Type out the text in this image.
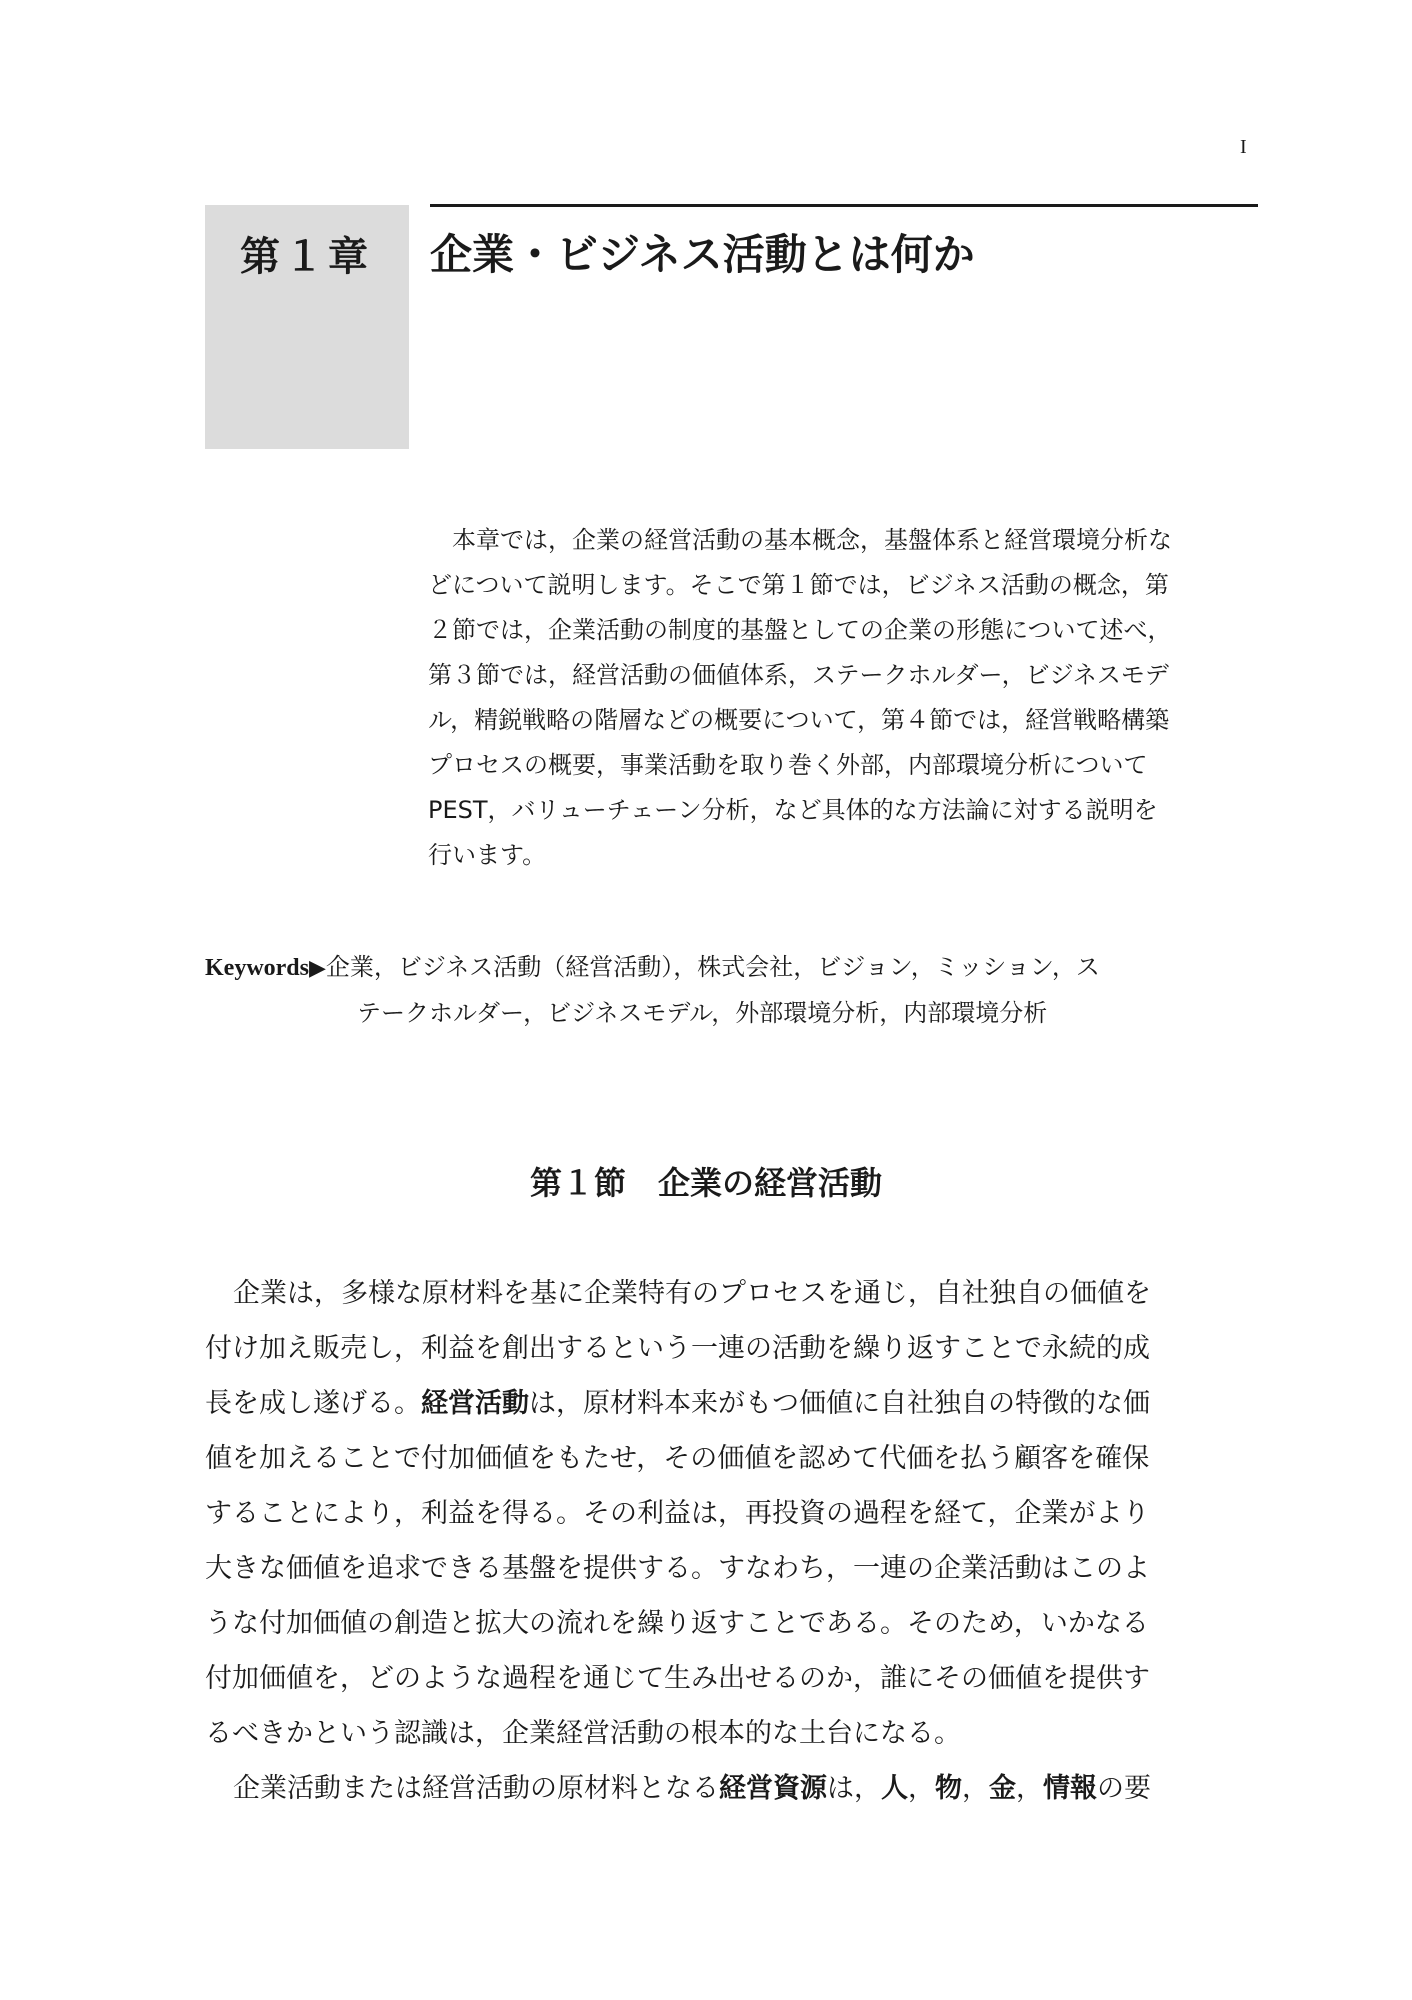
I
第１章 企業・ビジネス活動とは何か
本章では，企業の経営活動の基本概念，基盤体系と経営環境分析な
どについて説明します。そこで第１節では，ビジネス活動の概念，第
２節では，企業活動の制度的基盤としての企業の形態について述べ，
第３節では，経営活動の価値体系，ステークホルダー，ビジネスモデ
ル，精鋭戦略の階層などの概要について，第４節では，経営戦略構築
プロセスの概要，事業活動を取り巻く外部，内部環境分析について
PEST，バリューチェーン分析，など具体的な方法論に対する説明を
行います。
Keywords▶企業，ビジネス活動（経営活動），株式会社，ビジョン，ミッション，ス
テークホルダー，ビジネスモデル，外部環境分析，内部環境分析
第１節　企業の経営活動
企業は，多様な原材料を基に企業特有のプロセスを通じ，自社独自の価値を
付け加え販売し，利益を創出するという一連の活動を繰り返すことで永続的成
長を成し遂げる。経営活動は，原材料本来がもつ価値に自社独自の特徴的な価
値を加えることで付加価値をもたせ，その価値を認めて代価を払う顧客を確保
することにより，利益を得る。その利益は，再投資の過程を経て，企業がより
大きな価値を追求できる基盤を提供する。すなわち，一連の企業活動はこのよ
うな付加価値の創造と拡大の流れを繰り返すことである。そのため，いかなる
付加価値を，どのような過程を通じて生み出せるのか，誰にその価値を提供す
るべきかという認識は，企業経営活動の根本的な土台になる。
企業活動または経営活動の原材料となる経営資源は，人，物，金，情報の要
